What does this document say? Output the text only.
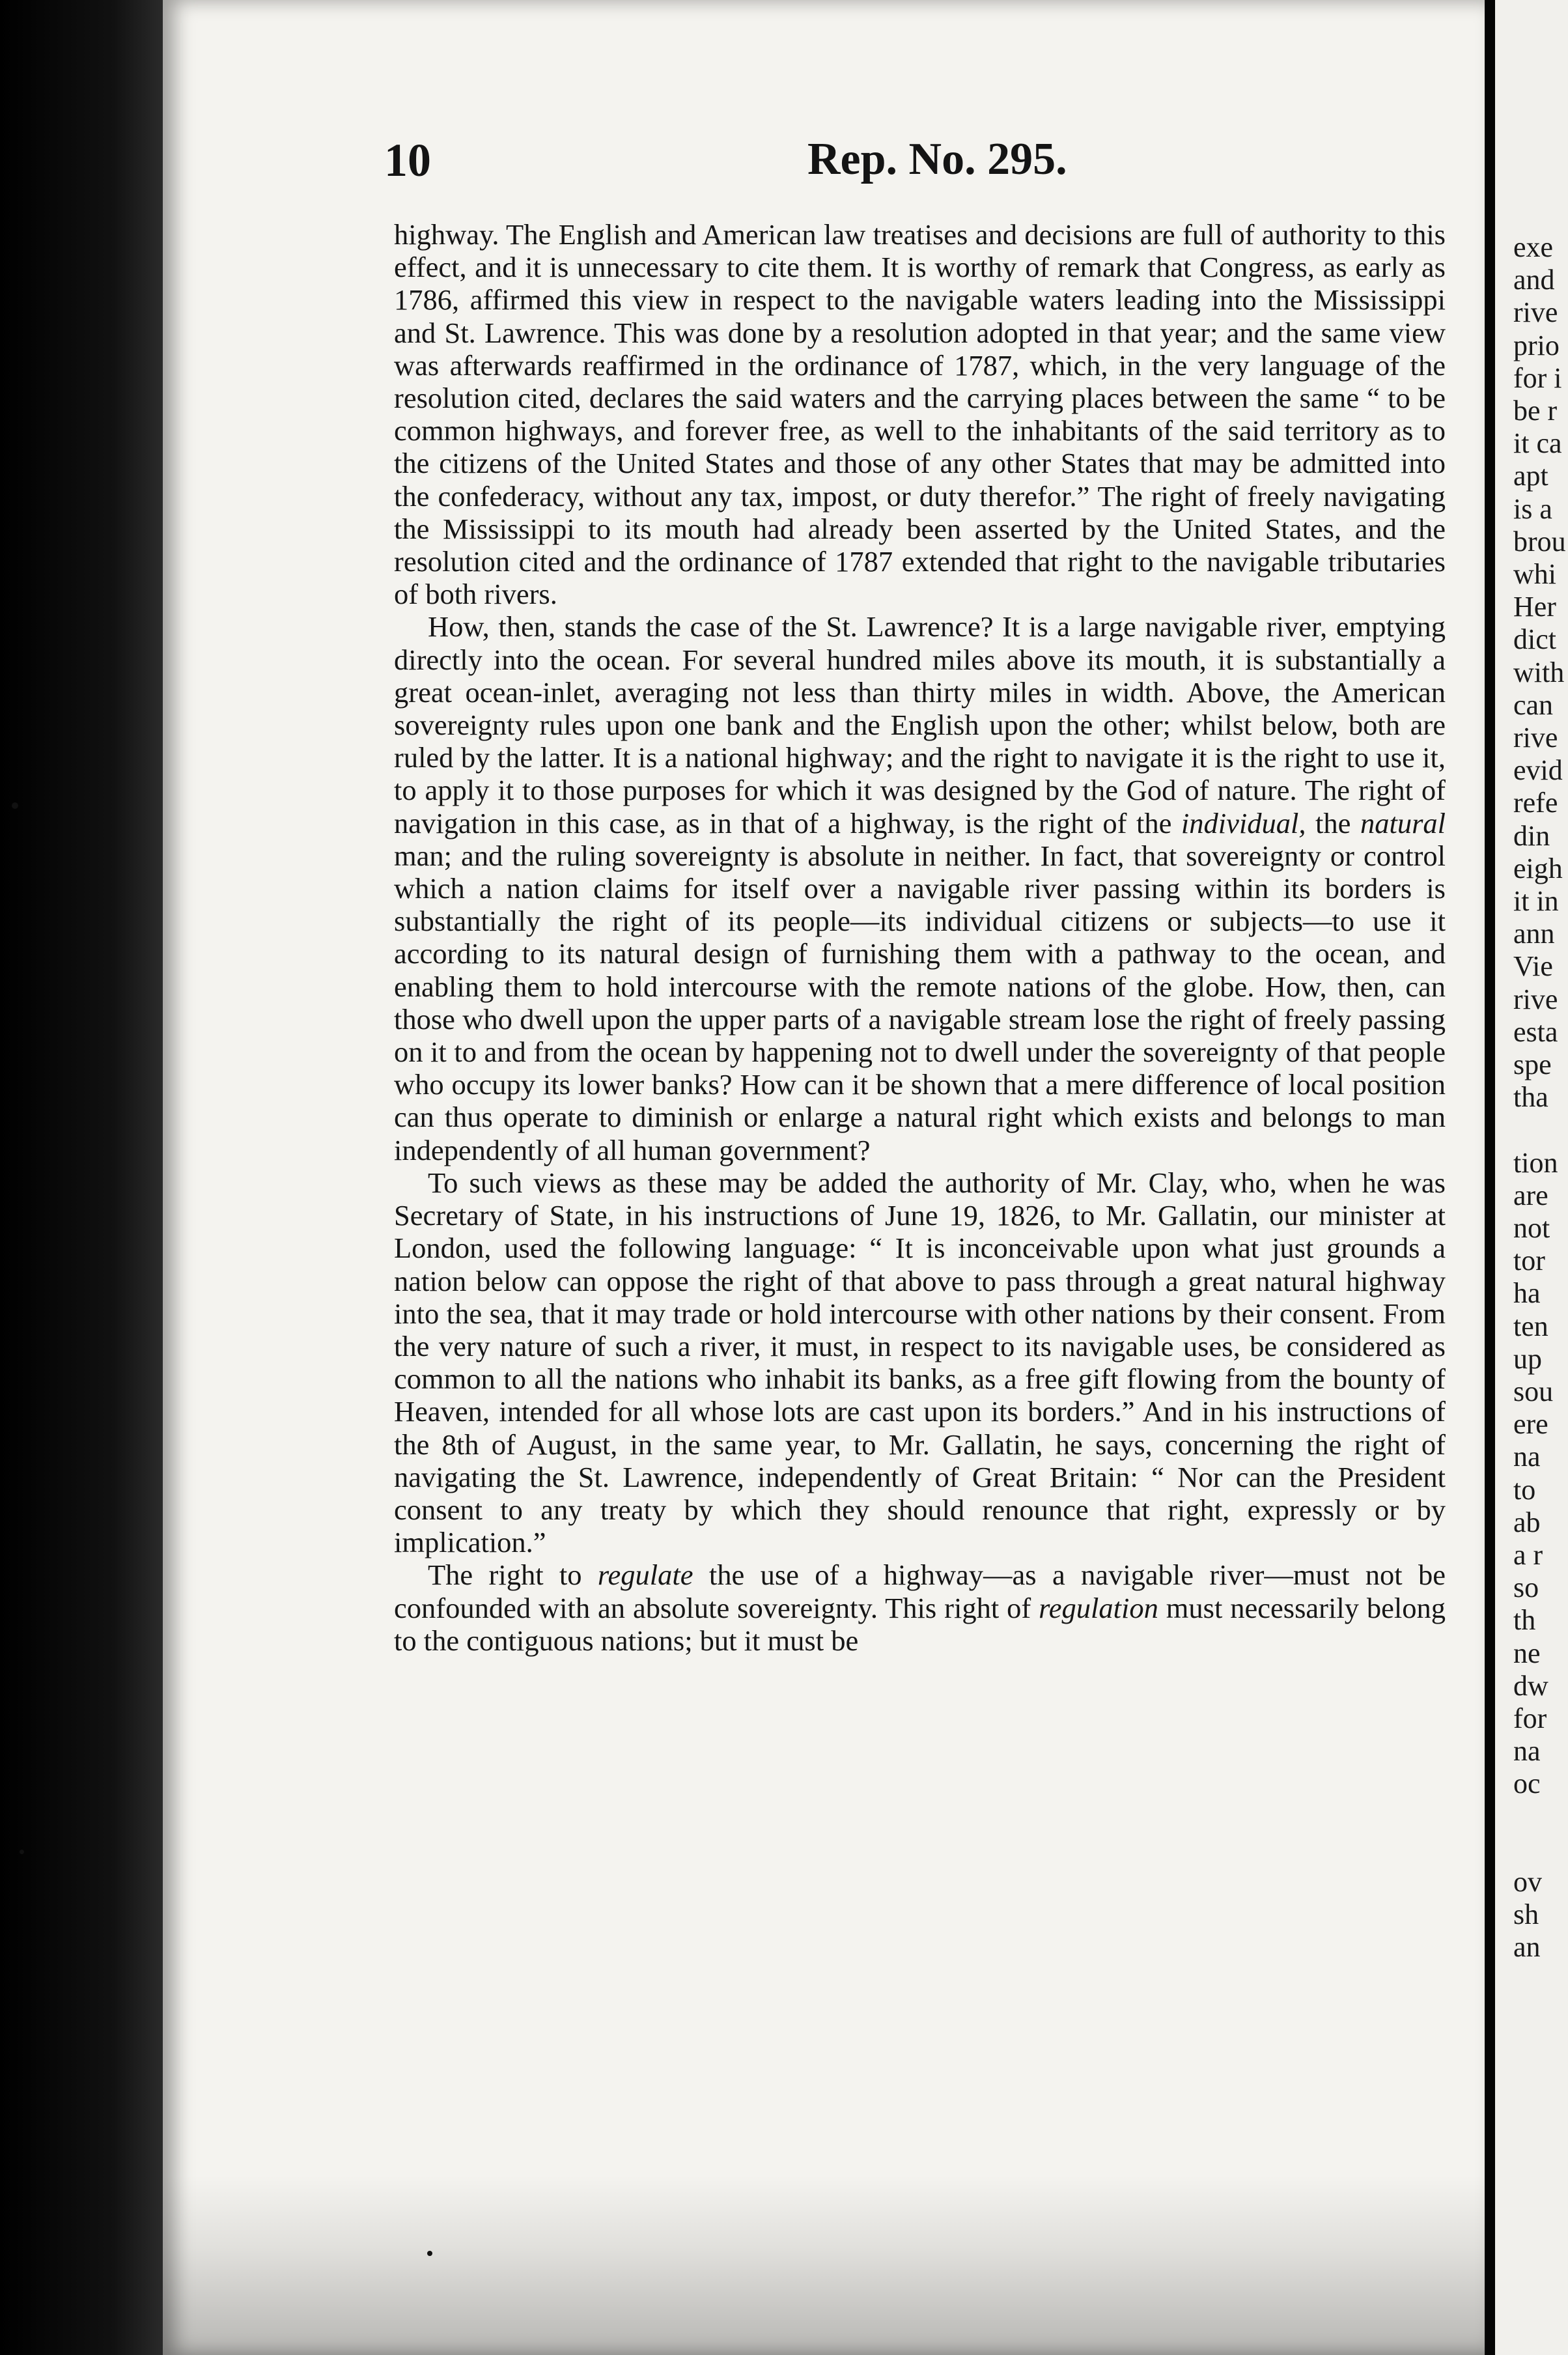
exe
and
rive
prio
for i
be r
it ca
apt
is a
brou
whi
Her
dict
with
can
rive
evid
refe
din
eigh
it in
ann
Vie
rive
esta
spe
tha
tion
are
not
tor
ha
ten
up
sou
ere
na
to
ab
a r
so
th
ne
dw
for
na
oc
ov
sh
an
10	Rep. No. 295.

highway. The English and American law treatises and decisions are full of authority to this effect, and it is unnecessary to cite them. It is worthy of remark that Congress, as early as 1786, affirmed this view in respect to the navigable waters leading into the Mississippi and St. Lawrence. This was done by a resolution adopted in that year; and the same view was afterwards reaffirmed in the ordinance of 1787, which, in the very language of the resolution cited, declares the said waters and the carrying places between the same “ to be common highways, and forever free, as well to the inhabitants of the said territory as to the citizens of the United States and those of any other States that may be admitted into the confederacy, without any tax, impost, or duty therefor.” The right of freely navigating the Mississippi to its mouth had already been asserted by the United States, and the resolution cited and the ordinance of 1787 extended that right to the navigable tributaries of both rivers.

How, then, stands the case of the St. Lawrence? It is a large navigable river, emptying directly into the ocean. For several hundred miles above its mouth, it is substantially a great ocean-inlet, averaging not less than thirty miles in width. Above, the American sovereignty rules upon one bank and the English upon the other; whilst below, both are ruled by the latter. It is a national highway; and the right to navigate it is the right to use it, to apply it to those purposes for which it was designed by the God of nature. The right of navigation in this case, as in that of a highway, is the right of the individual, the natural man; and the ruling sovereignty is absolute in neither. In fact, that sovereignty or control which a nation claims for itself over a navigable river passing within its borders is substantially the right of its people—its individual citizens or subjects—to use it according to its natural design of furnishing them with a pathway to the ocean, and enabling them to hold intercourse with the remote nations of the globe. How, then, can those who dwell upon the upper parts of a navigable stream lose the right of freely passing on it to and from the ocean by happening not to dwell under the sovereignty of that people who occupy its lower banks? How can it be shown that a mere difference of local position can thus operate to diminish or enlarge a natural right which exists and belongs to man independently of all human government?

To such views as these may be added the authority of Mr. Clay, who, when he was Secretary of State, in his instructions of June 19, 1826, to Mr. Gallatin, our minister at London, used the following language: “ It is inconceivable upon what just grounds a nation below can oppose the right of that above to pass through a great natural highway into the sea, that it may trade or hold intercourse with other nations by their consent. From the very nature of such a river, it must, in respect to its navigable uses, be considered as common to all the nations who inhabit its banks, as a free gift flowing from the bounty of Heaven, intended for all whose lots are cast upon its borders.” And in his instructions of the 8th of August, in the same year, to Mr. Gallatin, he says, concerning the right of navigating the St. Lawrence, independently of Great Britain: “ Nor can the President consent to any treaty by which they should renounce that right, expressly or by implication.”

The right to regulate the use of a highway—as a navigable river—must not be confounded with an absolute sovereignty. This right of regulation must necessarily belong to the contiguous nations; but it must be
